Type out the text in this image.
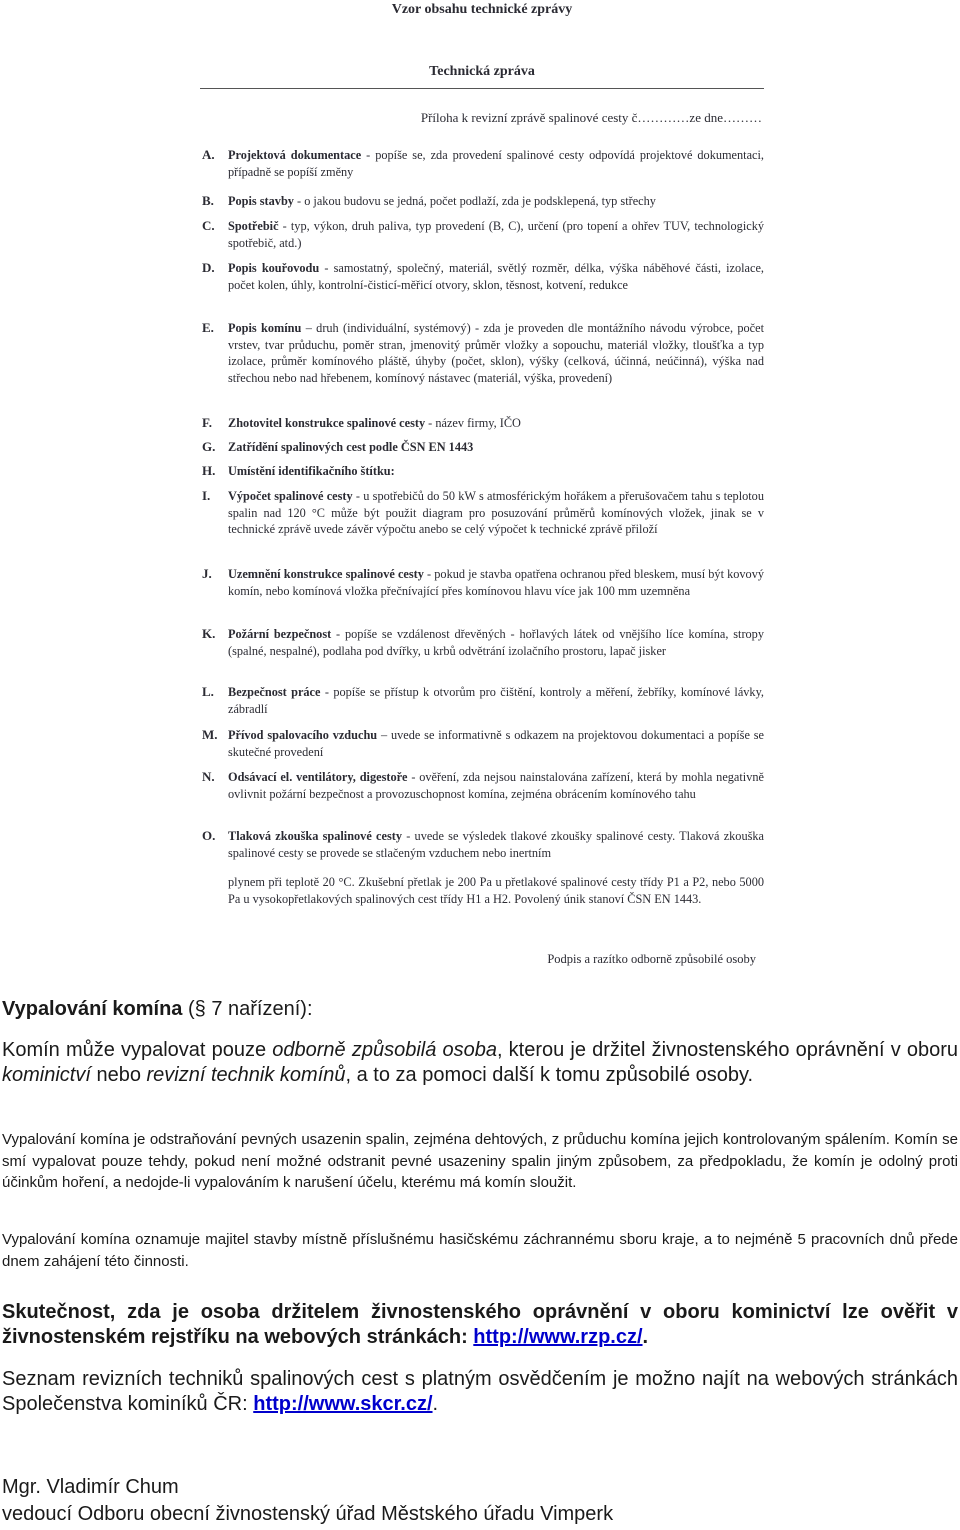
Vzor obsahu technické zprávy
Technická zpráva
Příloha k revizní zprávě spalinové cesty č…………ze dne………
A. Projektová dokumentace - popíše se, zda provedení spalinové cesty odpovídá projektové dokumentaci, případně se popíší změny
B. Popis stavby - o jakou budovu se jedná, počet podlaží, zda je podsklepená, typ střechy
C. Spotřebič - typ, výkon, druh paliva, typ provedení (B, C), určení (pro topení a ohřev TUV, technologický spotřebič, atd.)
D. Popis kouřovodu - samostatný, společný, materiál, světlý rozměr, délka, výška náběhové části, izolace, počet kolen, úhly, kontrolní-čisticí-měřicí otvory, sklon, těsnost, kotvení, redukce
E. Popis komínu – druh (individuální, systémový) - zda je proveden dle montážního návodu výrobce, počet vrstev, tvar průduchu, poměr stran, jmenovitý průměr vložky a sopouchu, materiál vložky, tloušťka a typ izolace, průměr komínového pláště, úhyby (počet, sklon), výšky (celková, účinná, neúčinná), výška nad střechou nebo nad hřebenem, komínový nástavec (materiál, výška, provedení)
F. Zhotovitel konstrukce spalinové cesty - název firmy, IČO
G. Zatřídění spalinových cest podle ČSN EN 1443
H. Umístění identifikačního štítku:
I. Výpočet spalinové cesty - u spotřebičů do 50 kW s atmosférickým hořákem a přerušovačem tahu s teplotou spalin nad 120 °C může být použit diagram pro posuzování průměrů komínových vložek, jinak se v technické zprávě uvede závěr výpočtu anebo se celý výpočet k technické zprávě přiloží
J. Uzemnění konstrukce spalinové cesty - pokud je stavba opatřena ochranou před bleskem, musí být kovový komín, nebo komínová vložka přečnívající přes komínovou hlavu více jak 100 mm uzemněna
K. Požární bezpečnost - popíše se vzdálenost dřevěných - hořlavých látek od vnějšího líce komína, stropy (spalné, nespalné), podlaha pod dvířky, u krbů odvětrání izolačního prostoru, lapač jisker
L. Bezpečnost práce - popíše se přístup k otvorům pro čištění, kontroly a měření, žebříky, komínové lávky, zábradlí
M. Přívod spalovacího vzduchu – uvede se informativně s odkazem na projektovou dokumentaci a popíše se skutečné provedení
N. Odsávací el. ventilátory, digestoře - ověření, zda nejsou nainstalována zařízení, která by mohla negativně ovlivnit požární bezpečnost a provozuschopnost komína, zejména obrácením komínového tahu
O. Tlaková zkouška spalinové cesty - uvede se výsledek tlakové zkoušky spalinové cesty. Tlaková zkouška spalinové cesty se provede se stlačeným vzduchem nebo inertním
plynem při teplotě 20 °C. Zkušební přetlak je 200 Pa u přetlakové spalinové cesty třídy P1 a P2, nebo 5000 Pa u vysokopřetlakových spalinových cest třídy H1 a H2. Povolený únik stanoví ČSN EN 1443.
Podpis a razítko odborně způsobilé osoby
Vypalování komína (§ 7 nařízení):
Komín může vypalovat pouze odborně způsobilá osoba, kterou je držitel živnostenského oprávnění v oboru kominictví nebo revizní technik komínů, a to za pomoci další k tomu způsobilé osoby.
Vypalování komína je odstraňování pevných usazenin spalin, zejména dehtových, z průduchu komína jejich kontrolovaným spálením. Komín se smí vypalovat pouze tehdy, pokud není možné odstranit pevné usazeniny spalin jiným způsobem, za předpokladu, že komín je odolný proti účinkům hoření, a nedojde-li vypalováním k narušení účelu, kterému má komín sloužit.
Vypalování komína oznamuje majitel stavby místně příslušnému hasičskému záchrannému sboru kraje, a to nejméně 5 pracovních dnů přede dnem zahájení této činnosti.
Skutečnost, zda je osoba držitelem živnostenského oprávnění v oboru kominictví lze ověřit v živnostenském rejstříku na webových stránkách: http://www.rzp.cz/.
Seznam revizních techniků spalinových cest s platným osvědčením je možno najít na webových stránkách Společenstva kominíků ČR: http://www.skcr.cz/.
Mgr. Vladimír Chum
vedoucí Odboru obecní živnostenský úřad Městského úřadu Vimperk
